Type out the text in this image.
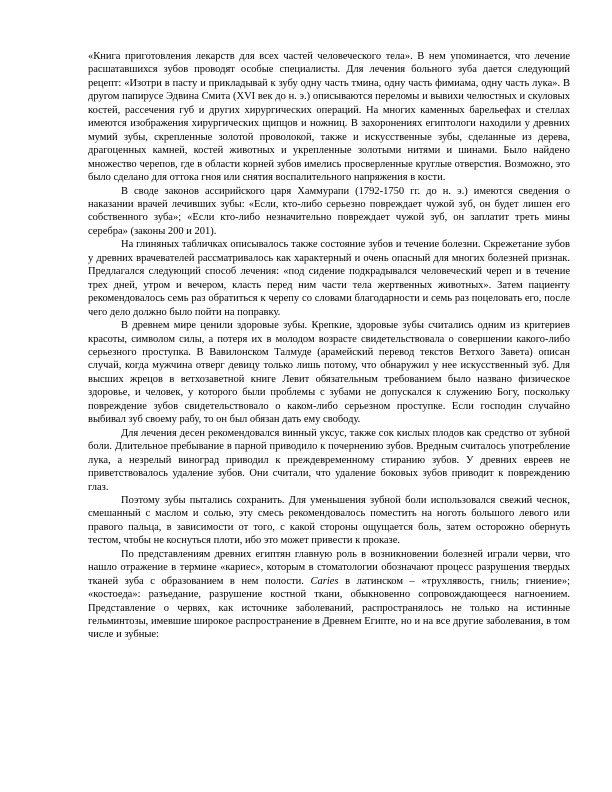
«Книга приготовления лекарств для всех частей человеческого тела». В нем упоминается, что лечение расшатавшихся зубов проводят особые специалисты. Для лечения больного зуба дается следующий рецепт: «Изотри в пасту и прикладывай к зубу одну часть тмина, одну часть фимиама, одну часть лука». В другом папирусе Эдвина Смита (XVI век до н. э.) описываются переломы и вывихи челюстных и скуловых костей, рассечения губ и других хирургических операций. На многих каменных барельефах и стеллах имеются изображения хирургических щипцов и ножниц. В захоронениях египтологи находили у древних мумий зубы, скрепленные золотой проволокой, также и искусственные зубы, сделанные из дерева, драгоценных камней, костей животных и укрепленные золотыми нитями и шинами. Было найдено множество черепов, где в области корней зубов имелись просверленные круглые отверстия. Возможно, это было сделано для оттока гноя или снятия воспалительного напряжения в кости.

В своде законов ассирийского царя Хаммурапи (1792-1750 гг. до н. э.) имеются сведения о наказании врачей лечивших зубы: «Если, кто-либо серьезно повреждает чужой зуб, он будет лишен его собственного зуба»; «Если кто-либо незначительно повреждает чужой зуб, он заплатит треть мины серебра» (законы 200 и 201).

На глиняных табличках описывалось также состояние зубов и течение болезни. Скрежетание зубов у древних врачевателей рассматривалось как характерный и очень опасный для многих болезней признак. Предлагался следующий способ лечения: «под сидение подкрадывался человеческий череп и в течение трех дней, утром и вечером, класть перед ним части тела жертвенных животных». Затем пациенту рекомендовалось семь раз обратиться к черепу со словами благодарности и семь раз поцеловать его, после чего дело должно было пойти на поправку.

В древнем мире ценили здоровые зубы. Крепкие, здоровые зубы считались одним из критериев красоты, символом силы, а потеря их в молодом возрасте свидетельствовала о совершении какого-либо серьезного проступка. В Вавилонском Талмуде (арамейский перевод текстов Ветхого Завета) описан случай, когда мужчина отверг девицу только лишь потому, что обнаружил у нее искусственный зуб. Для высших жрецов в ветхозаветной книге Левит обязательным требованием было названо физическое здоровье, и человек, у которого были проблемы с зубами не допускался к служению Богу, поскольку повреждение зубов свидетельствовало о каком-либо серьезном проступке. Если господин случайно выбивал зуб своему рабу, то он был обязан дать ему свободу.

Для лечения десен рекомендовался винный уксус, также сок кислых плодов как средство от зубной боли. Длительное пребывание в парной приводило к почернению зубов. Вредным считалось употребление лука, а незрелый виноград приводил к преждевременному стиранию зубов. У древних евреев не приветствовалось удаление зубов. Они считали, что удаление боковых зубов приводит к повреждению глаз.

Поэтому зубы пытались сохранить. Для уменьшения зубной боли использовался свежий чеснок, смешанный с маслом и солью, эту смесь рекомендовалось поместить на ноготь большого левого или правого пальца, в зависимости от того, с какой стороны ощущается боль, затем осторожно обернуть тестом, чтобы не коснуться плоти, ибо это может привести к проказе.

По представлениям древних египтян главную роль в возникновении болезней играли черви, что нашло отражение в термине «кариес», которым в стоматологии обозначают процесс разрушения твердых тканей зуба с образованием в нем полости. Caries в латинском – «трухлявость, гниль; гниение»; «костоеда»: разъедание, разрушение костной ткани, обыкновенно сопровождающееся нагноением. Представление о червях, как источнике заболеваний, распространялось не только на истинные гельминтозы, имевшие широкое распространение в Древнем Египте, но и на все другие заболевания, в том числе и зубные:
